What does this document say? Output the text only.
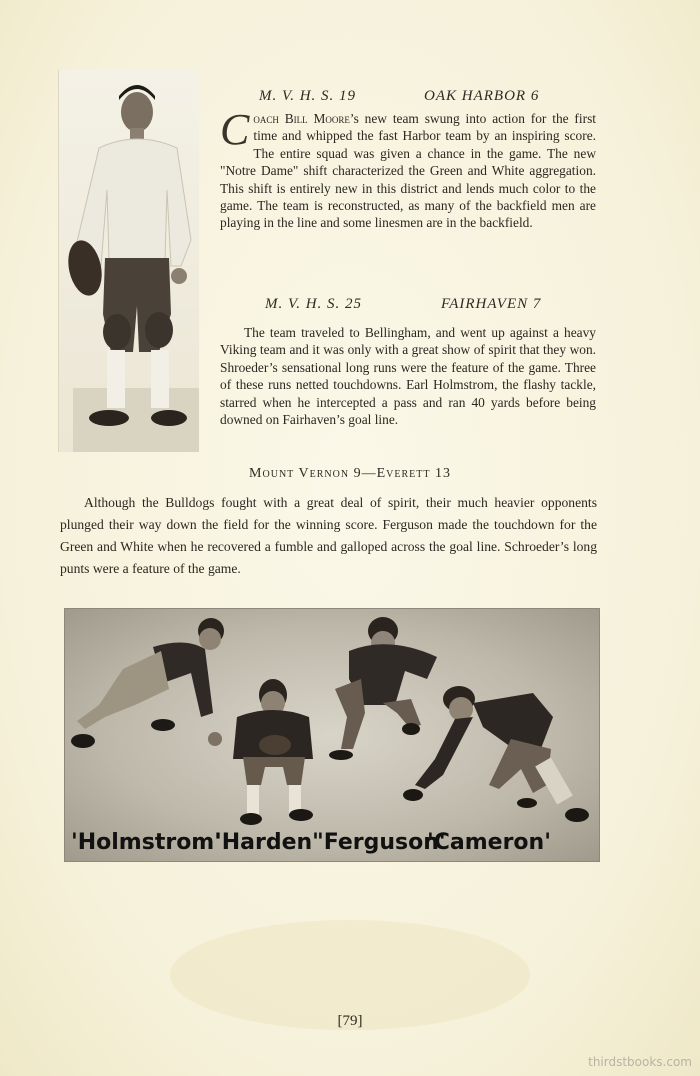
M. V. H. S. 19	OAK HARBOR 6
Coach Bill Moore’s new team swung into action for the first time and whipped the fast Harbor team by an inspiring score. The entire squad was given a chance in the game. The new "Notre Dame" shift characterized the Green and White aggregation. This shift is entirely new in this district and lends much color to the game. The team is reconstructed, as many of the backfield men are playing in the line and some linesmen are in the backfield.
M. V. H. S. 25	FAIRHAVEN 7
The team traveled to Bellingham, and went up against a heavy Viking team and it was only with a great show of spirit that they won. Shroeder’s sensational long runs were the feature of the game. Three of these runs netted touchdowns. Earl Holmstrom, the flashy tackle, starred when he intercepted a pass and ran 40 yards before being downed on Fairhaven’s goal line.
Mount Vernon 9—Everett 13
Although the Bulldogs fought with a great deal of spirit, their much heavier opponents plunged their way down the field for the winning score. Ferguson made the touchdown for the Green and White when he recovered a fumble and galloped across the goal line. Schroeder’s long punts were a feature of the game.
'Holmstrom'
'Harden'
'Ferguson'
'Cameron'
[79]
thirdstbooks.com
